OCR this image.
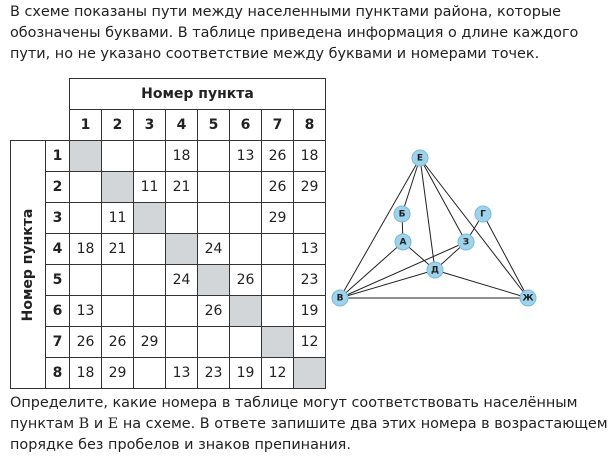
В схеме показаны пути между населенными пунктами района, которые
обозначены буквами. В таблице приведена информация о длине каждого
пути, но не указано соответствие между буквами и номерами точек.

		Номер пункта							
		1	2	3	4	5	6	7	8

Номер пункта	1				18		13	26	18
	2			11	21			26	29
	3		11					29	
	4	18	21			24			13
	5				24		26		23
	6	13				26			19
	7	26	26	29					12
	8	18	29		13	23	19	12	
Е
Б	Г
А	З
Д
В	Ж

Определите, какие номера в таблице могут соответствовать населённым
пунктам В и Е на схеме. В ответе запишите два этих номера в возрастающем
порядке без пробелов и знаков препинания.
